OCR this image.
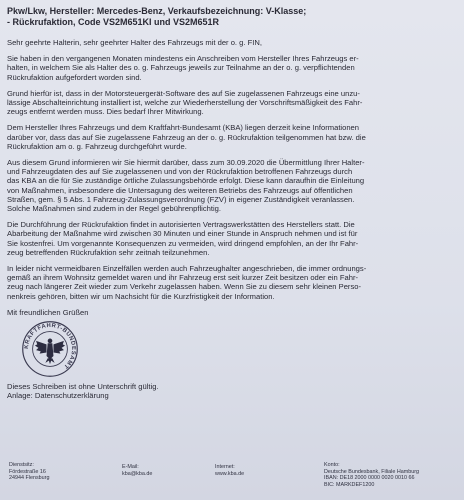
Pkw/Lkw, Hersteller: Mercedes-Benz, Verkaufsbezeichnung: V-Klasse;
- Rückrufaktion, Code VS2M651KI und VS2M651R

Sehr geehrte Halterin, sehr geehrter Halter des Fahrzeugs mit der o. g. FIN,

Sie haben in den vergangenen Monaten mindestens ein Anschreiben vom Hersteller Ihres Fahrzeugs er-
halten, in welchem Sie als Halter des o. g. Fahrzeugs jeweils zur Teilnahme an der o. g. verpflichtenden
Rückrufaktion aufgefordert worden sind.

Grund hierfür ist, dass in der Motorsteuergerät-Software des auf Sie zugelassenen Fahrzeugs eine unzu-
lässige Abschalteinrichtung installiert ist, welche zur Wiederherstellung der Vorschriftsmäßigkeit des Fahr-
zeugs entfernt werden muss. Dies bedarf Ihrer Mitwirkung.

Dem Hersteller Ihres Fahrzeugs und dem Kraftfahrt-Bundesamt (KBA) liegen derzeit keine Informationen
darüber vor, dass das auf Sie zugelassene Fahrzeug an der o. g. Rückrufaktion teilgenommen hat bzw. die
Rückrufaktion am o. g. Fahrzeug durchgeführt wurde.

Aus diesem Grund informieren wir Sie hiermit darüber, dass zum 30.09.2020 die Übermittlung Ihrer Halter-
und Fahrzeugdaten des auf Sie zugelassenen und von der Rückrufaktion betroffenen Fahrzeugs durch
das KBA an die für Sie zuständige örtliche Zulassungsbehörde erfolgt. Diese kann daraufhin die Einleitung
von Maßnahmen, insbesondere die Untersagung des weiteren Betriebs des Fahrzeugs auf öffentlichen
Straßen, gem. § 5 Abs. 1 Fahrzeug-Zulassungsverordnung (FZV) in eigener Zuständigkeit veranlassen.
Solche Maßnahmen sind zudem in der Regel gebührenpflichtig.

Die Durchführung der Rückrufaktion findet in autorisierten Vertragswerkstätten des Herstellers statt. Die
Abarbeitung der Maßnahme wird zwischen 30 Minuten und einer Stunde in Anspruch nehmen und ist für
Sie kostenfrei. Um vorgenannte Konsequenzen zu vermeiden, wird dringend empfohlen, an der Ihr Fahr-
zeug betreffenden Rückrufaktion sehr zeitnah teilzunehmen.

In leider nicht vermeidbaren Einzelfällen werden auch Fahrzeughalter angeschrieben, die immer ordnungs-
gemäß an ihrem Wohnsitz gemeldet waren und ihr Fahrzeug erst seit kurzer Zeit besitzen oder ein Fahr-
zeug nach längerer Zeit wieder zum Verkehr zugelassen haben. Wenn Sie zu diesem sehr kleinen Perso-
nenkreis gehören, bitten wir um Nachsicht für die Kurzfristigkeit der Information.

Mit freundlichen Grüßen

KRAFTFAHRT-BUNDESAMT

Dieses Schreiben ist ohne Unterschrift gültig.

Anlage: Datenschutzerklärung

Dienstsitz:
Fördestraße 16
24944 Flensburg
E-Mail:
kba@kba.de
Internet:
www.kba.de
Konto:
Deutsche Bundesbank, Filiale Hamburg
IBAN: DE18 2000 0000 0020 0010 66
BIC: MARKDEF1200
